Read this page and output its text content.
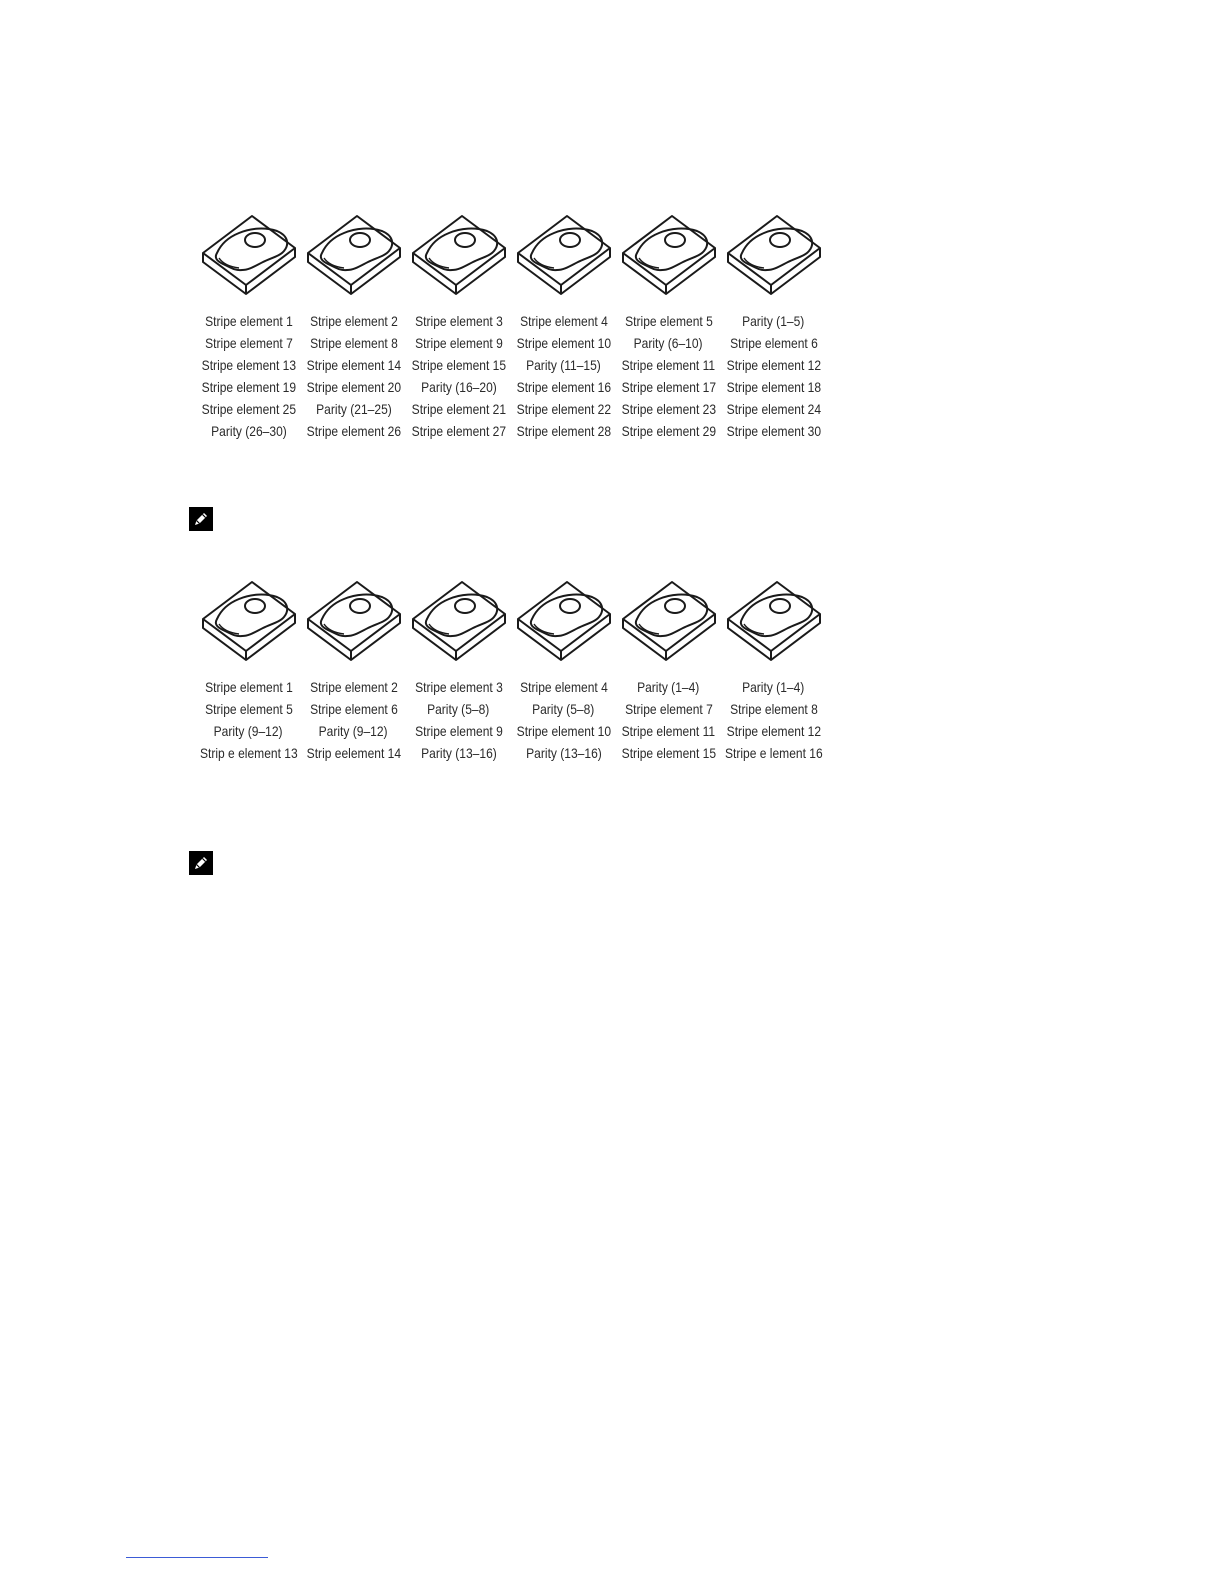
Stripe element 1
Stripe element 7
Stripe element 13
Stripe element 19
Stripe element 25
Parity (26–30)
Stripe element 2
Stripe element 8
Stripe element 14
Stripe element 20
Parity (21–25)
Stripe element 26
Stripe element 3
Stripe element 9
Stripe element 15
Parity (16–20)
Stripe element 21
Stripe element 27
Stripe element 4
Stripe element 10
Parity (11–15)
Stripe element 16
Stripe element 22
Stripe element 28
Stripe element 5
Parity (6–10)
Stripe element 11
Stripe element 17
Stripe element 23
Stripe element 29
Parity (1–5)
Stripe element 6
Stripe element 12
Stripe element 18
Stripe element 24
Stripe element 30
Stripe element 1
Stripe element 5
Parity (9–12)
Strip e element 13
Stripe element 2
Stripe element 6
Parity (9–12)
Strip eelement 14
Stripe element 3
Parity (5–8)
Stripe element 9
Parity (13–16)
Stripe element 4
Parity (5–8)
Stripe element 10
Parity (13–16)
Parity (1–4)
Stripe element 7
Stripe element 11
Stripe element 15
Parity (1–4)
Stripe element 8
Stripe element 12
Stripe e lement 16
